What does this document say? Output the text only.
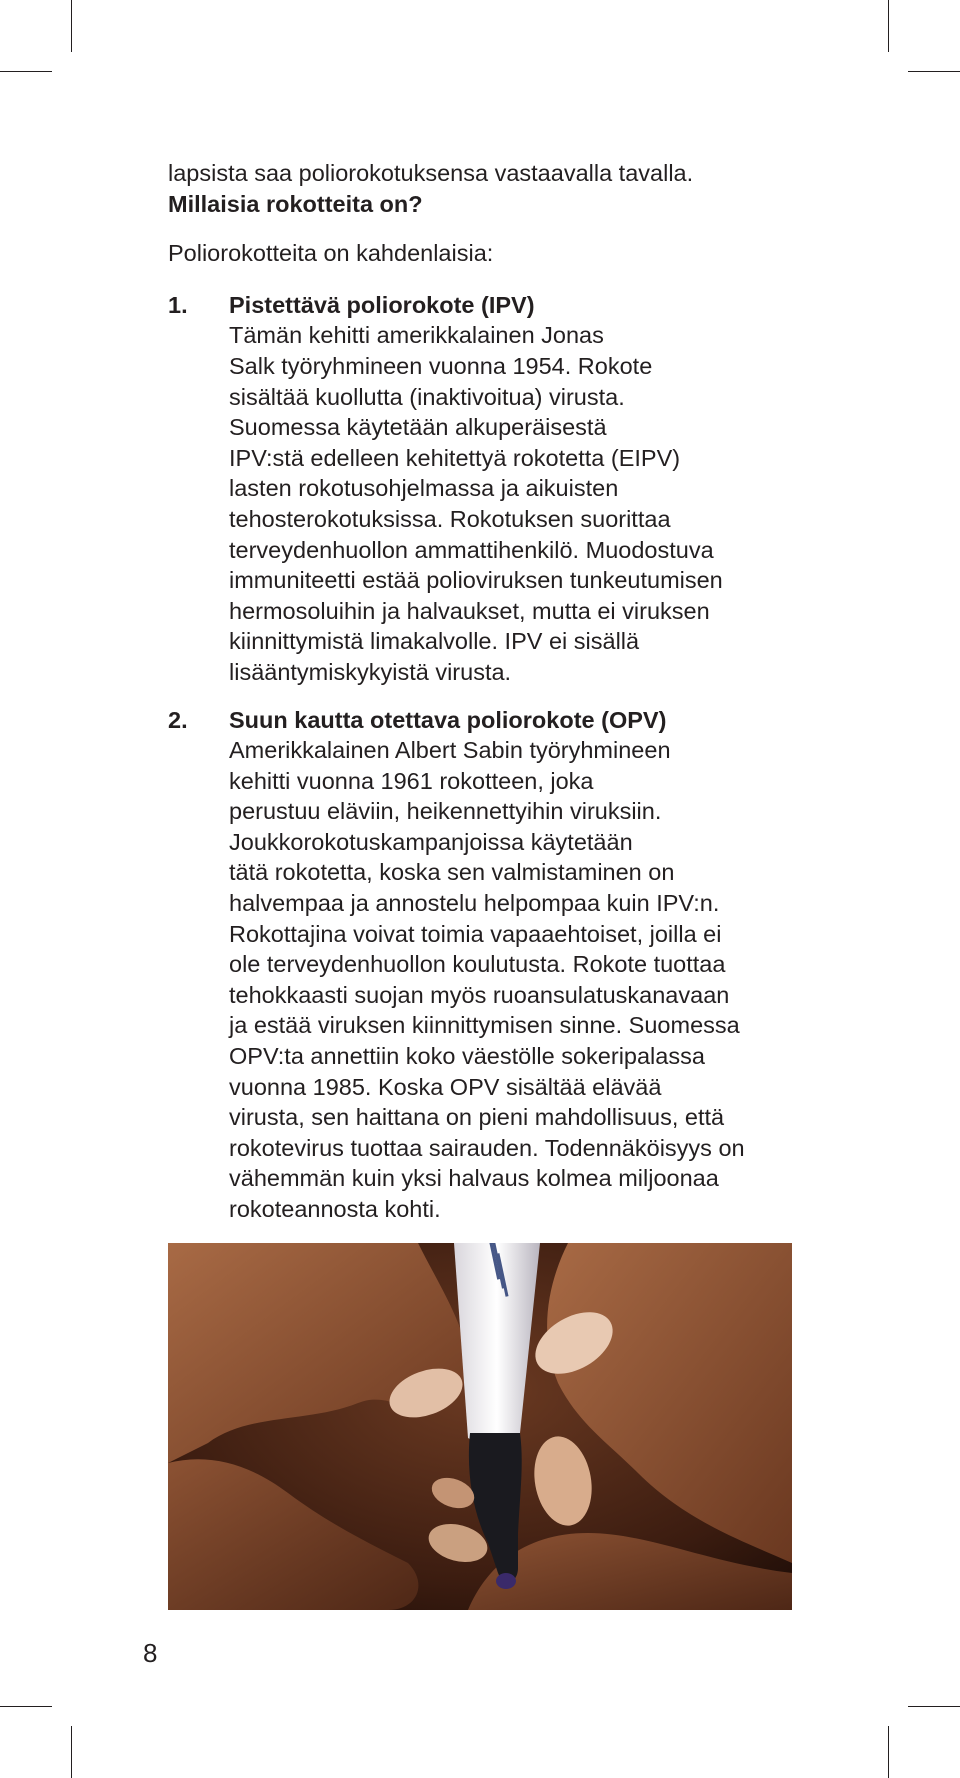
lapsista saa poliorokotuksensa vastaavalla tavalla.

Millaisia rokotteita on?

Poliorokotteita on kahdenlaisia:

1. Pistettävä poliorokote (IPV)
Tämän kehitti amerikkalainen Jonas
Salk työryhmineen vuonna 1954. Rokote
sisältää kuollutta (inaktivoitua) virusta.
Suomessa käytetään alkuperäisestä
IPV:stä edelleen kehitettyä rokotetta (EIPV)
lasten rokotusohjelmassa ja aikuisten
tehosterokotuksissa. Rokotuksen suorittaa
terveydenhuollon ammattihenkilö. Muodostuva
immuniteetti estää polioviruksen tunkeutumisen
hermosoluihin ja halvaukset, mutta ei viruksen
kiinnittymistä limakalvolle. IPV ei sisällä
lisääntymiskykyistä virusta.
2. Suun kautta otettava poliorokote (OPV)
Amerikkalainen Albert Sabin työryhmineen
kehitti vuonna 1961 rokotteen, joka
perustuu eläviin, heikennettyihin viruksiin.
Joukkorokotuskampanjoissa käytetään
tätä rokotetta, koska sen valmistaminen on
halvempaa ja annostelu helpompaa kuin IPV:n.
Rokottajina voivat toimia vapaaehtoiset, joilla ei
ole terveydenhuollon koulutusta. Rokote tuottaa
tehokkaasti suojan myös ruoansulatuskanavaan
ja estää viruksen kiinnittymisen sinne. Suomessa
OPV:ta annettiin koko väestölle sokeripalassa
vuonna 1985. Koska OPV sisältää elävää
virusta, sen haittana on pieni mahdollisuus, että
rokotevirus tuottaa sairauden. Todennäköisyys on
vähemmän kuin yksi halvaus kolmea miljoonaa
rokoteannosta kohti.
8
